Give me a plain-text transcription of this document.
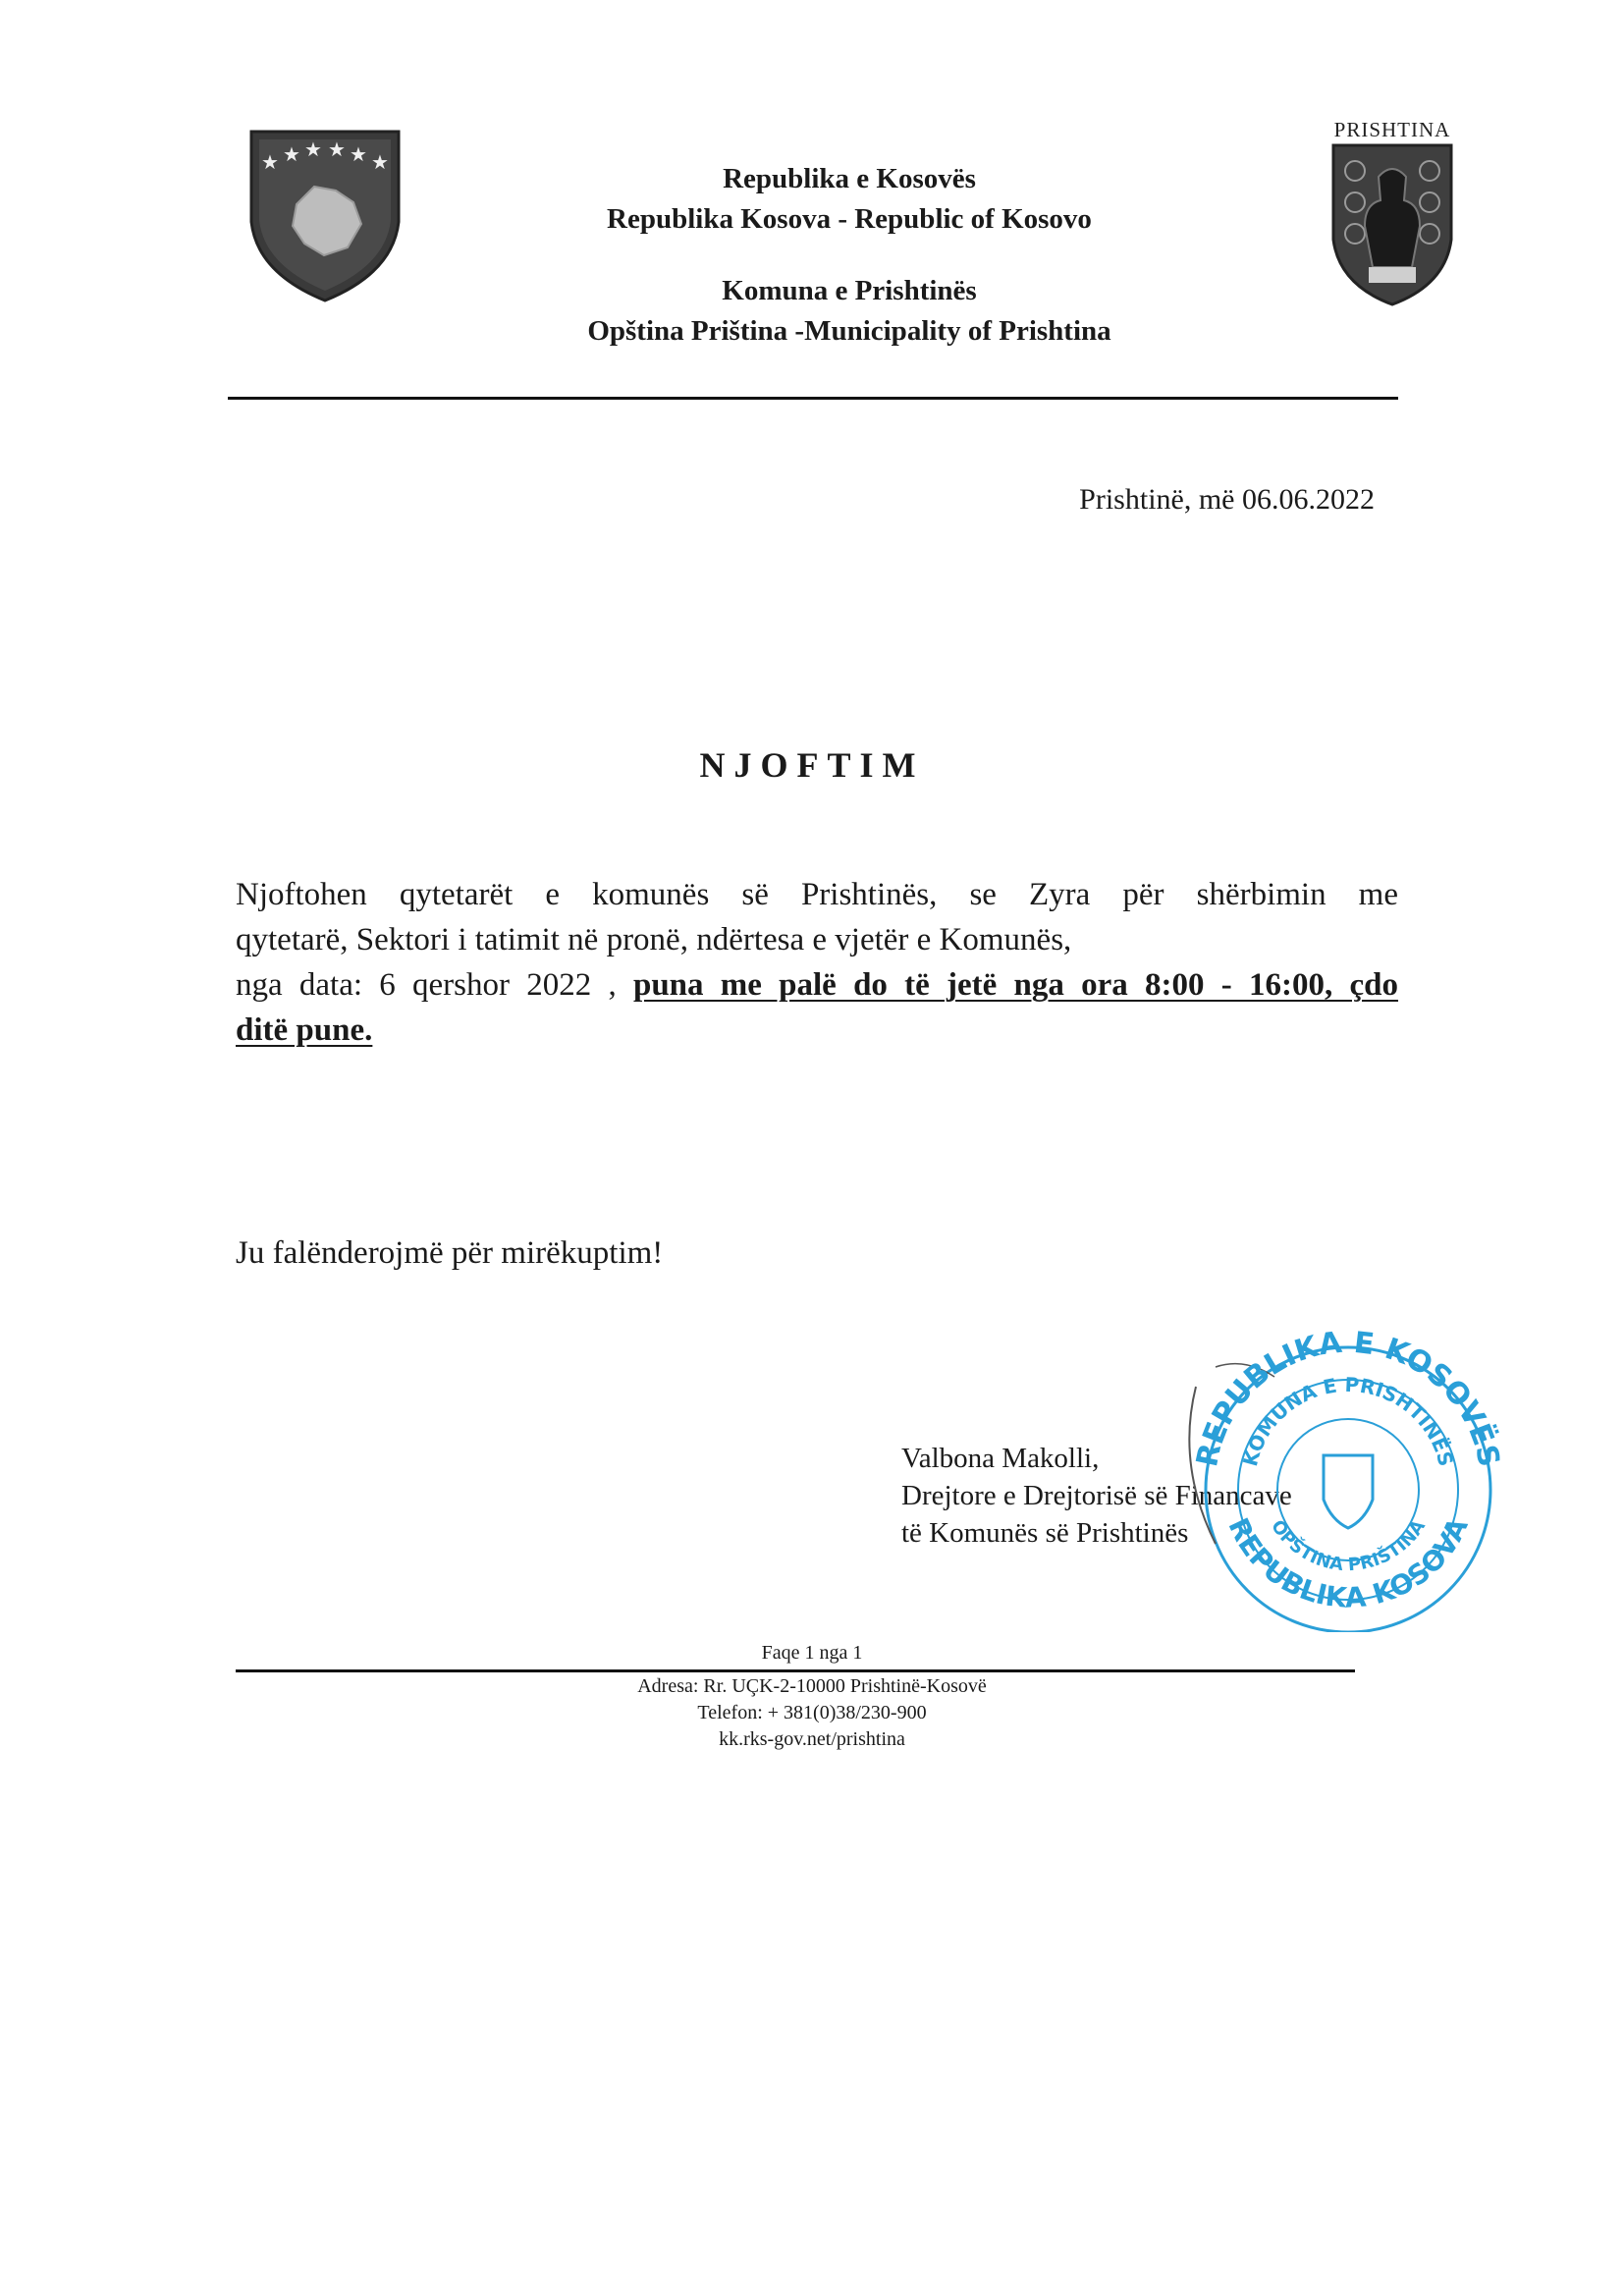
★ ★ ★ ★ ★ ★
PRISHTINA
Republika e Kosovës
Republika Kosova - Republic of Kosovo
Komuna e Prishtinës
Opština Priština -Municipality of Prishtina
Prishtinë, më 06.06.2022
NJOFTIM

Njoftohen qytetarët e komunës së Prishtinës, se Zyra për shërbimin me

qytetarë, Sektori i tatimit në pronë, ndërtesa e vjetër e Komunës,

nga data: 6 qershor 2022 , puna me palë do të jetë nga ora 8:00 - 16:00, çdo

ditë pune.

Ju falënderojmë për mirëkuptim!
Valbona Makolli,
Drejtore e Drejtorisë së Financave
të Komunës së Prishtinës
REPUBLIKA E KOSOVËS
REPUBLIKA KOSOVA
KOMUNA E PRISHTINËS
OPŠTINA PRIŠTINA
Faqe 1 nga 1
Adresa: Rr. UÇK-2-10000 Prishtinë-Kosovë
Telefon: + 381(0)38/230-900
kk.rks-gov.net/prishtina
